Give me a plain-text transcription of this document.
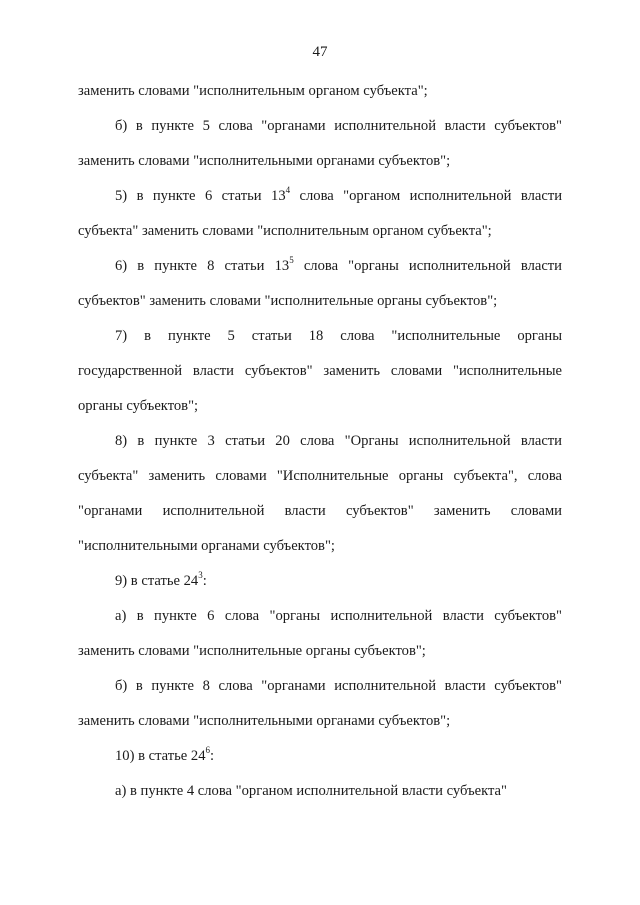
47

заменить словами "исполнительным органом субъекта";

б) в пункте 5 слова "органами исполнительной власти субъектов" заменить словами "исполнительными органами субъектов";

5) в пункте 6 статьи $13^4$ слова "органом исполнительной власти субъекта" заменить словами "исполнительным органом субъекта";

6) в пункте 8 статьи $13^5$ слова "органы исполнительной власти субъектов" заменить словами "исполнительные органы субъектов";

7) в пункте 5 статьи 18 слова "исполнительные органы государственной власти субъектов" заменить словами "исполнительные органы субъектов";

8) в пункте 3 статьи 20 слова "Органы исполнительной власти субъекта" заменить словами "Исполнительные органы субъекта", слова "органами исполнительной власти субъектов" заменить словами "исполнительными органами субъектов";

9) в статье $24^3$:

а) в пункте 6 слова "органы исполнительной власти субъектов" заменить словами "исполнительные органы субъектов";

б) в пункте 8 слова "органами исполнительной власти субъектов" заменить словами "исполнительными органами субъектов";

10) в статье $24^6$:

а) в пункте 4 слова "органом исполнительной власти субъекта"
